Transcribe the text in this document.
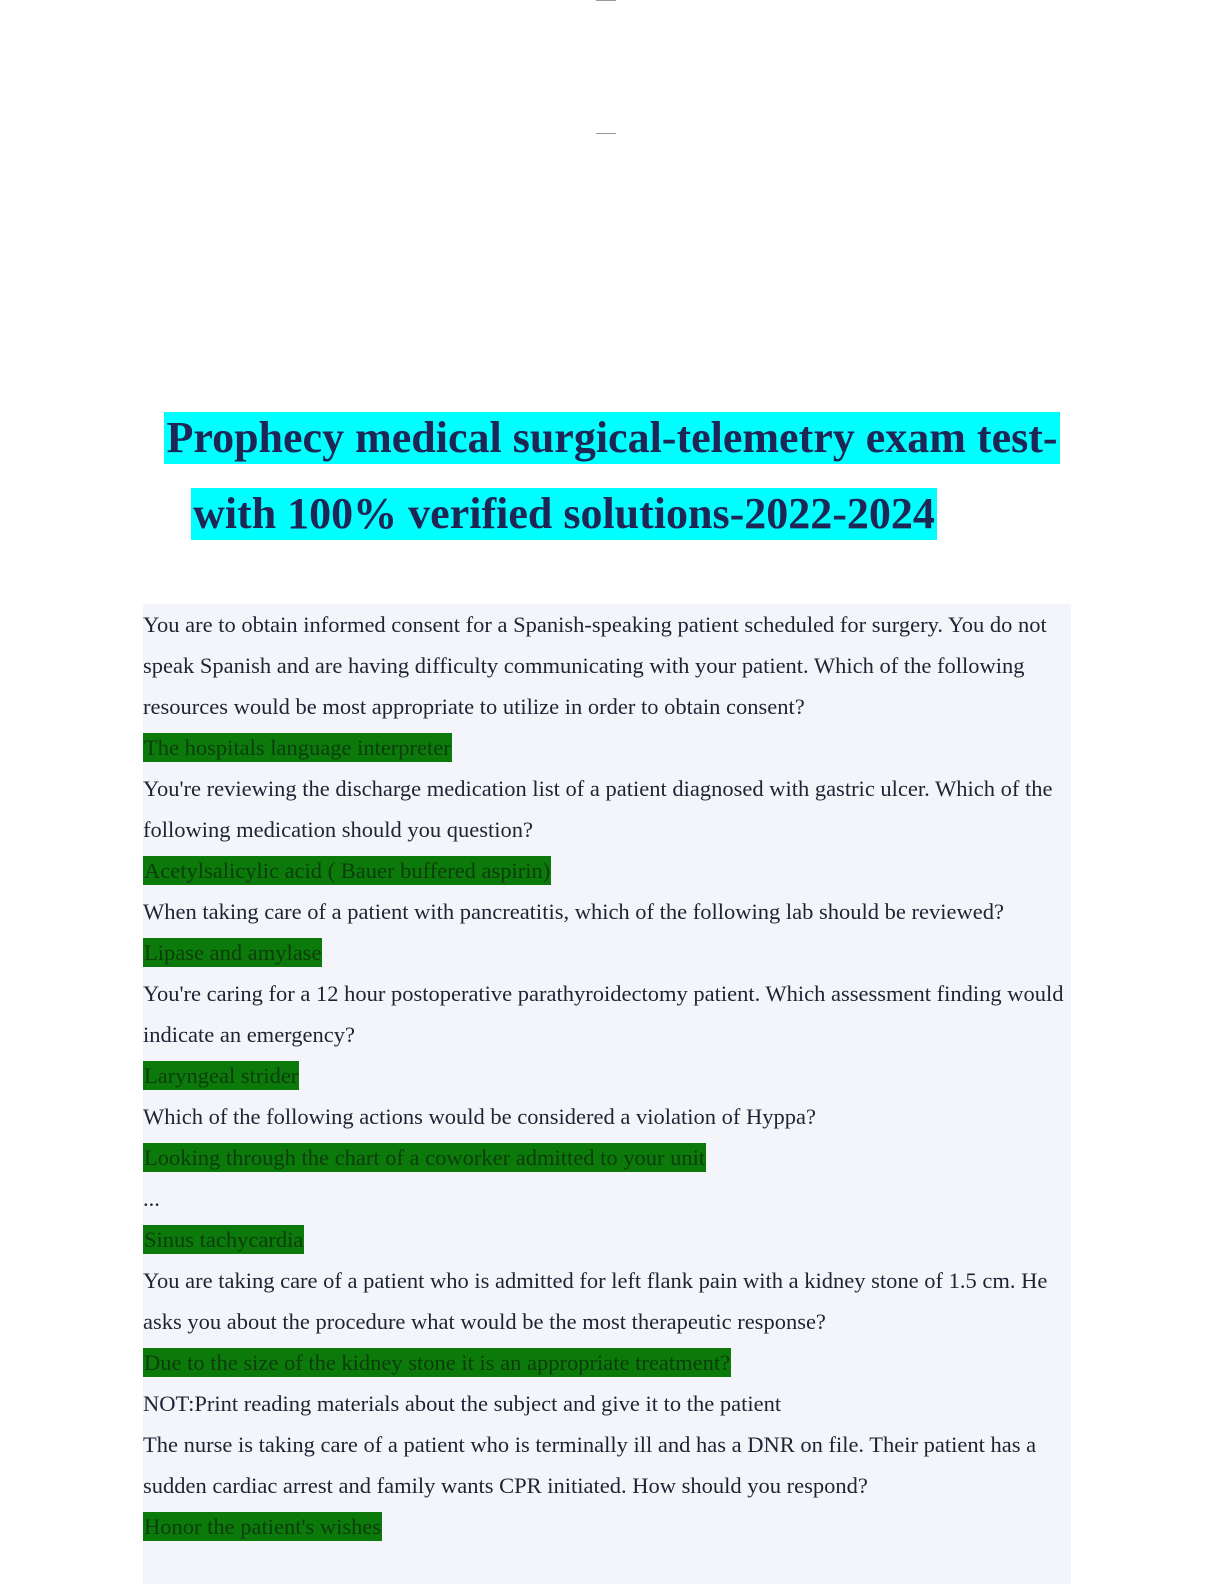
Prophecy medical surgical-telemetry exam test-
with 100% verified solutions-2022-2024
You are to obtain informed consent for a Spanish-speaking patient scheduled for surgery. You do not speak Spanish and are having difficulty communicating with your patient. Which of the following resources would be most appropriate to utilize in order to obtain consent?
The hospitals language interpreter
You're reviewing the discharge medication list of a patient diagnosed with gastric ulcer. Which of the following medication should you question?
Acetylsalicylic acid ( Bauer buffered aspirin)
When taking care of a patient with pancreatitis, which of the following lab should be reviewed?
Lipase and amylase
You're caring for a 12 hour postoperative parathyroidectomy patient. Which assessment finding would indicate an emergency?
Laryngeal strider
Which of the following actions would be considered a violation of Hyppa?
Looking through the chart of a coworker admitted to your unit
...
Sinus tachycardia
You are taking care of a patient who is admitted for left flank pain with a kidney stone of 1.5 cm. He asks you about the procedure what would be the most therapeutic response?
Due to the size of the kidney stone it is an appropriate treatment?
NOT:Print reading materials about the subject and give it to the patient
The nurse is taking care of a patient who is terminally ill and has a DNR on file. Their patient has a sudden cardiac arrest and family wants CPR initiated. How should you respond?
Honor the patient's wishes
